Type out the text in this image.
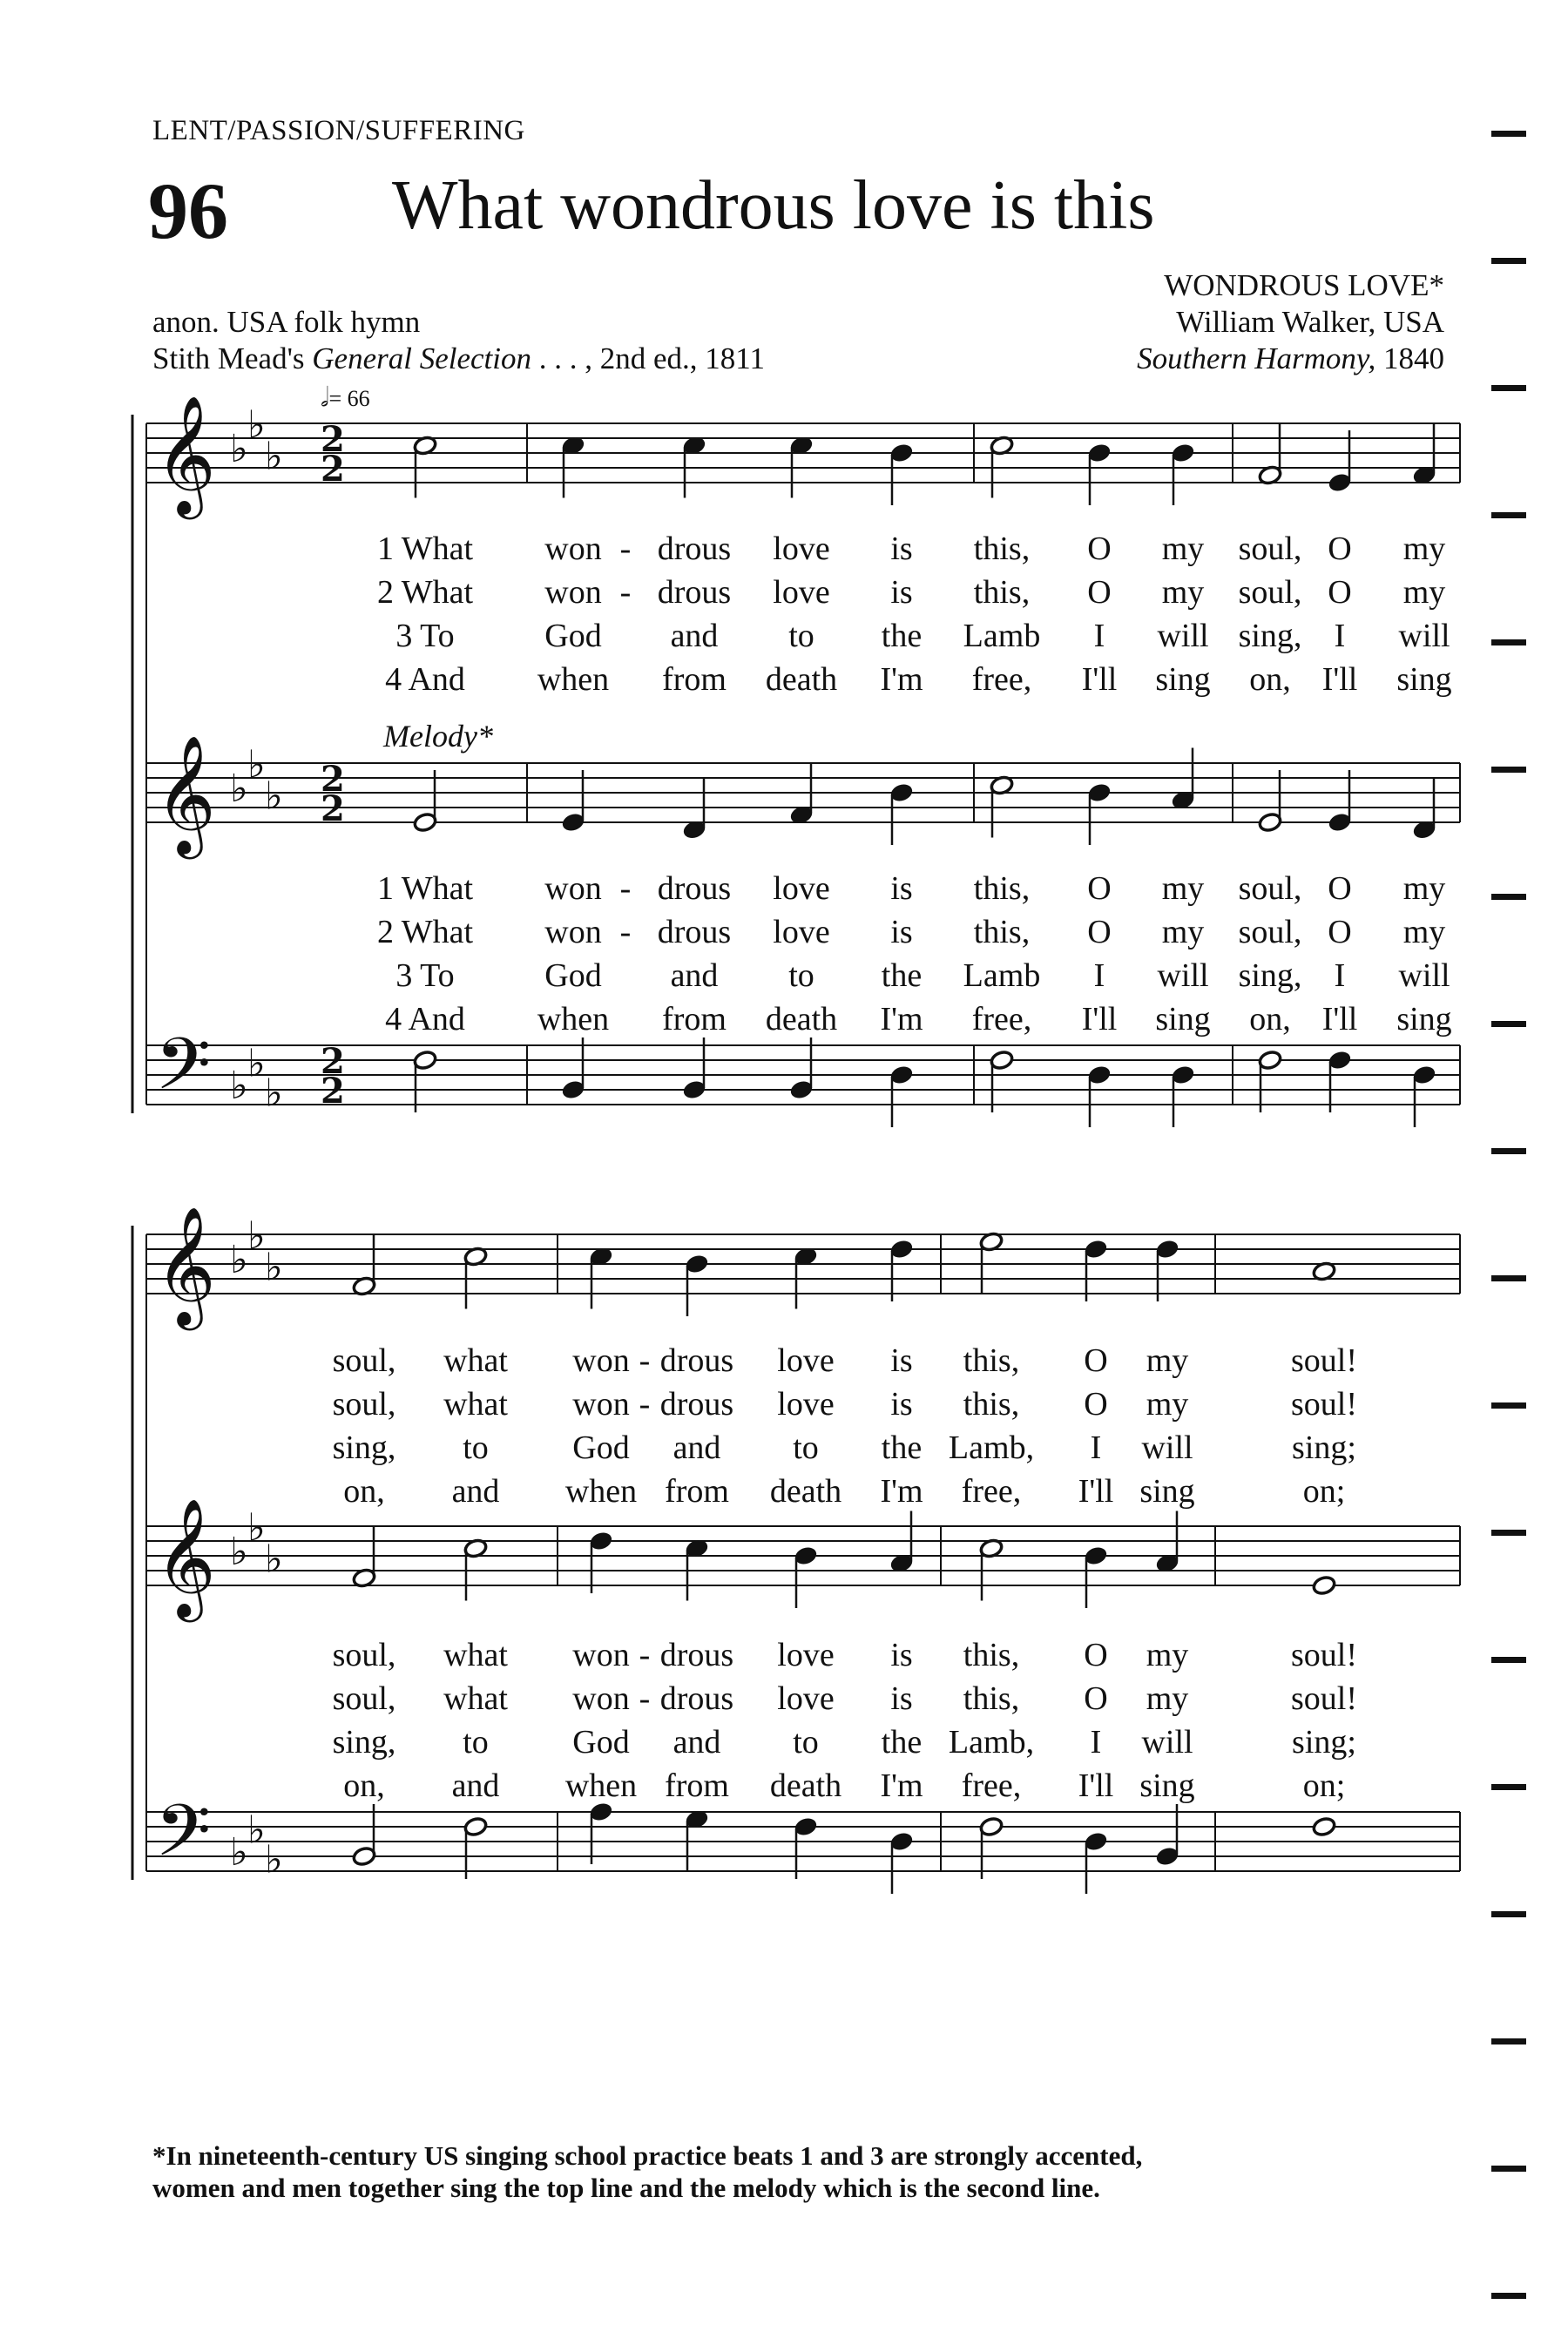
LENT/PASSION/SUFFERING
96 What wondrous love is this
WONDROUS LOVE*
anon. USA folk hymn
Stith Mead's General Selection . . . , 2nd ed., 1811
William Walker, USA
Southern Harmony, 1840
𝄞
𝄞
𝄢
♭
♭
♭
♭
♭
♭
♭ ♭
♭
2
2
2
2
2
2
𝄞
𝄞
𝄢
♭
♭
♭
♭
♭
♭
♭ ♭
♭
𝅗𝅥= 66
Melody*
1 What won - drous love is this, O my soul, O my
2 What won - drous love is this, O my soul, O my
3 To	God and to the Lamb I will sing, I will
4 And when from death I'm free, I'll sing on, I'll sing
1 What won - drous love is this, O my soul, O my
2 What won - drous love is this, O my soul, O my
3 To	God and to the Lamb I will sing, I will
4 And when from death I'm free, I'll sing on, I'll sing
soul, what won - drous love is this, O my	soul!
soul, what won - drous love is this, O my	soul!
sing, to	God and to the Lamb, I will	sing;
on, and when from death I'm free, I'll sing	on;
soul, what won - drous love is this, O my	soul!
soul, what won - drous love is this, O my	soul!
sing, to	God and to the Lamb, I will	sing;
on, and when from death I'm free, I'll sing	on;
*In nineteenth-century US singing school practice beats 1 and 3 are strongly accented,
women and men together sing the top line and the melody which is the second line.
